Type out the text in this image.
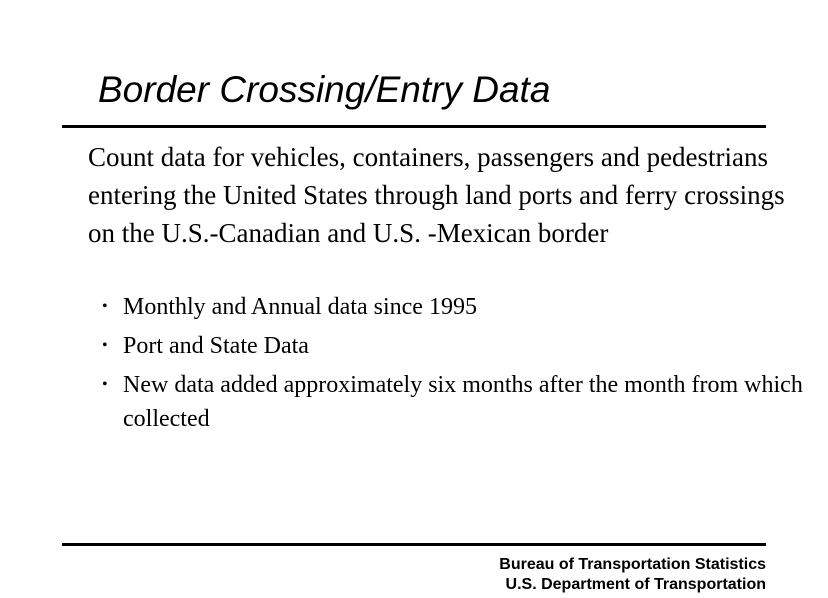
Border Crossing/Entry Data

Count data for vehicles, containers, passengers and pedestrians entering the United States through land ports and ferry crossings on the U.S.-Canadian and U.S. -Mexican border

• Monthly and Annual data since 1995
• Port and State Data
• New data added approximately six months after the month from which collected
Bureau of Transportation Statistics
U.S. Department of Transportation
